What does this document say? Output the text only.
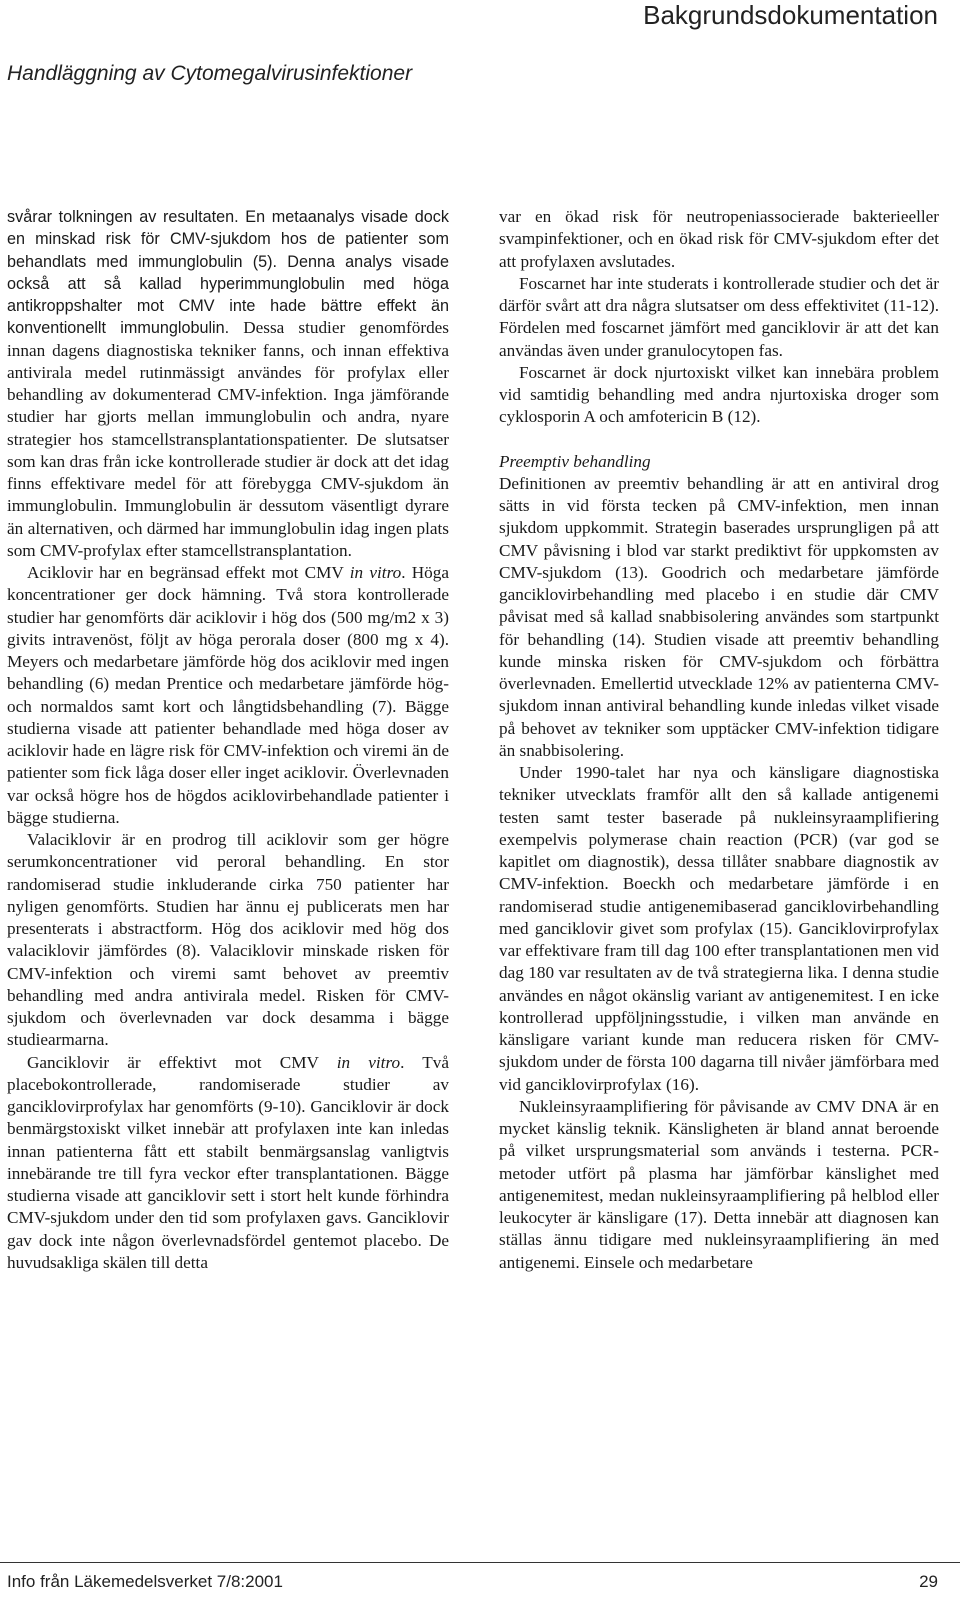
Bakgrundsdokumentation
Handläggning av Cytomegalvirusinfektioner

svårar tolkningen av resultaten. En metaanalys visade dock en minskad risk för CMV-sjukdom hos de patienter som behandlats med immunglobulin (5). Denna analys visade också att så kallad hyperimmunglobulin med höga antikroppshalter mot CMV inte hade bättre effekt än konventionellt immunglobulin. Dessa studier genomfördes innan dagens diagnostiska tekniker fanns, och innan effektiva antivirala medel rutinmässigt användes för profylax eller behandling av dokumenterad CMV-infektion. Inga jämförande studier har gjorts mellan immunglobulin och andra, nyare strategier hos stamcellstransplantationspatienter. De slutsatser som kan dras från icke kontrollerade studier är dock att det idag finns effektivare medel för att förebygga CMV-sjukdom än immunglobulin. Immunglobulin är dessutom väsentligt dyrare än alternativen, och därmed har immunglobulin idag ingen plats som CMV-profylax efter stamcellstransplantation.

Aciklovir har en begränsad effekt mot CMV in vitro. Höga koncentrationer ger dock hämning. Två stora kontrollerade studier har genomförts där aciklovir i hög dos (500 mg/m2 x 3) givits intravenöst, följt av höga perorala doser (800 mg x 4). Meyers och medarbetare jämförde hög dos aciklovir med ingen behandling (6) medan Prentice och medarbetare jämförde hög- och normaldos samt kort och långtidsbehandling (7). Bägge studierna visade att patienter behandlade med höga doser av aciklovir hade en lägre risk för CMV-infektion och viremi än de patienter som fick låga doser eller inget aciklovir. Överlevnaden var också högre hos de högdos aciklovirbehandlade patienter i bägge studierna.

Valaciklovir är en prodrog till aciklovir som ger högre serumkoncentrationer vid peroral behandling. En stor randomiserad studie inkluderande cirka 750 patienter har nyligen genomförts. Studien har ännu ej publicerats men har presenterats i abstractform. Hög dos aciklovir med hög dos valaciklovir jämfördes (8). Valaciklovir minskade risken för CMV-infektion och viremi samt behovet av preemtiv behandling med andra antivirala medel. Risken för CMV-sjukdom och överlevnaden var dock desamma i bägge studiearmarna.

Ganciklovir är effektivt mot CMV in vitro. Två placebokontrollerade, randomiserade studier av ganciklovirprofylax har genomförts (9-10). Ganciklovir är dock benmärgstoxiskt vilket innebär att profylaxen inte kan inledas innan patienterna fått ett stabilt benmärgsanslag vanligtvis innebärande tre till fyra veckor efter transplantationen. Bägge studierna visade att ganciklovir sett i stort helt kunde förhindra CMV-sjukdom under den tid som profylaxen gavs. Ganciklovir gav dock inte någon överlevnadsfördel gentemot placebo. De huvudsakliga skälen till detta

var en ökad risk för neutropeniassocierade bakterieeller svampinfektioner, och en ökad risk för CMV-sjukdom efter det att profylaxen avslutades.

Foscarnet har inte studerats i kontrollerade studier och det är därför svårt att dra några slutsatser om dess effektivitet (11-12). Fördelen med foscarnet jämfört med ganciklovir är att det kan användas även under granulocytopen fas.

Foscarnet är dock njurtoxiskt vilket kan innebära problem vid samtidig behandling med andra njurtoxiska droger som cyklosporin A och amfotericin B (12).

Preemptiv behandling

Definitionen av preemtiv behandling är att en antiviral drog sätts in vid första tecken på CMV-infektion, men innan sjukdom uppkommit. Strategin baserades ursprungligen på att CMV påvisning i blod var starkt prediktivt för uppkomsten av CMV-sjukdom (13). Goodrich och medarbetare jämförde ganciklovirbehandling med placebo i en studie där CMV påvisat med så kallad snabbisolering användes som startpunkt för behandling (14). Studien visade att preemtiv behandling kunde minska risken för CMV-sjukdom och förbättra överlevnaden. Emellertid utvecklade 12% av patienterna CMV-sjukdom innan antiviral behandling kunde inledas vilket visade på behovet av tekniker som upptäcker CMV-infektion tidigare än snabbisolering.

Under 1990-talet har nya och känsligare diagnostiska tekniker utvecklats framför allt den så kallade antigenemi testen samt tester baserade på nukleinsyraamplifiering exempelvis polymerase chain reaction (PCR) (var god se kapitlet om diagnostik), dessa tillåter snabbare diagnostik av CMV-infektion. Boeckh och medarbetare jämförde i en randomiserad studie antigenemibaserad ganciklovirbehandling med ganciklovir givet som profylax (15). Ganciklovirprofylax var effektivare fram till dag 100 efter transplantationen men vid dag 180 var resultaten av de två strategierna lika. I denna studie användes en något okänslig variant av antigenemitest. I en icke kontrollerad uppföljningsstudie, i vilken man använde en känsligare variant kunde man reducera risken för CMV-sjukdom under de första 100 dagarna till nivåer jämförbara med vid ganciklovirprofylax (16).

Nukleinsyraamplifiering för påvisande av CMV DNA är en mycket känslig teknik. Känsligheten är bland annat beroende på vilket ursprungsmaterial som används i testerna. PCR-metoder utfört på plasma har jämförbar känslighet med antigenemitest, medan nukleinsyraamplifiering på helblod eller leukocyter är känsligare (17). Detta innebär att diagnosen kan ställas ännu tidigare med nukleinsyraamplifiering än med antigenemi. Einsele och medarbetare

Info från Läkemedelsverket 7/8:2001	29
